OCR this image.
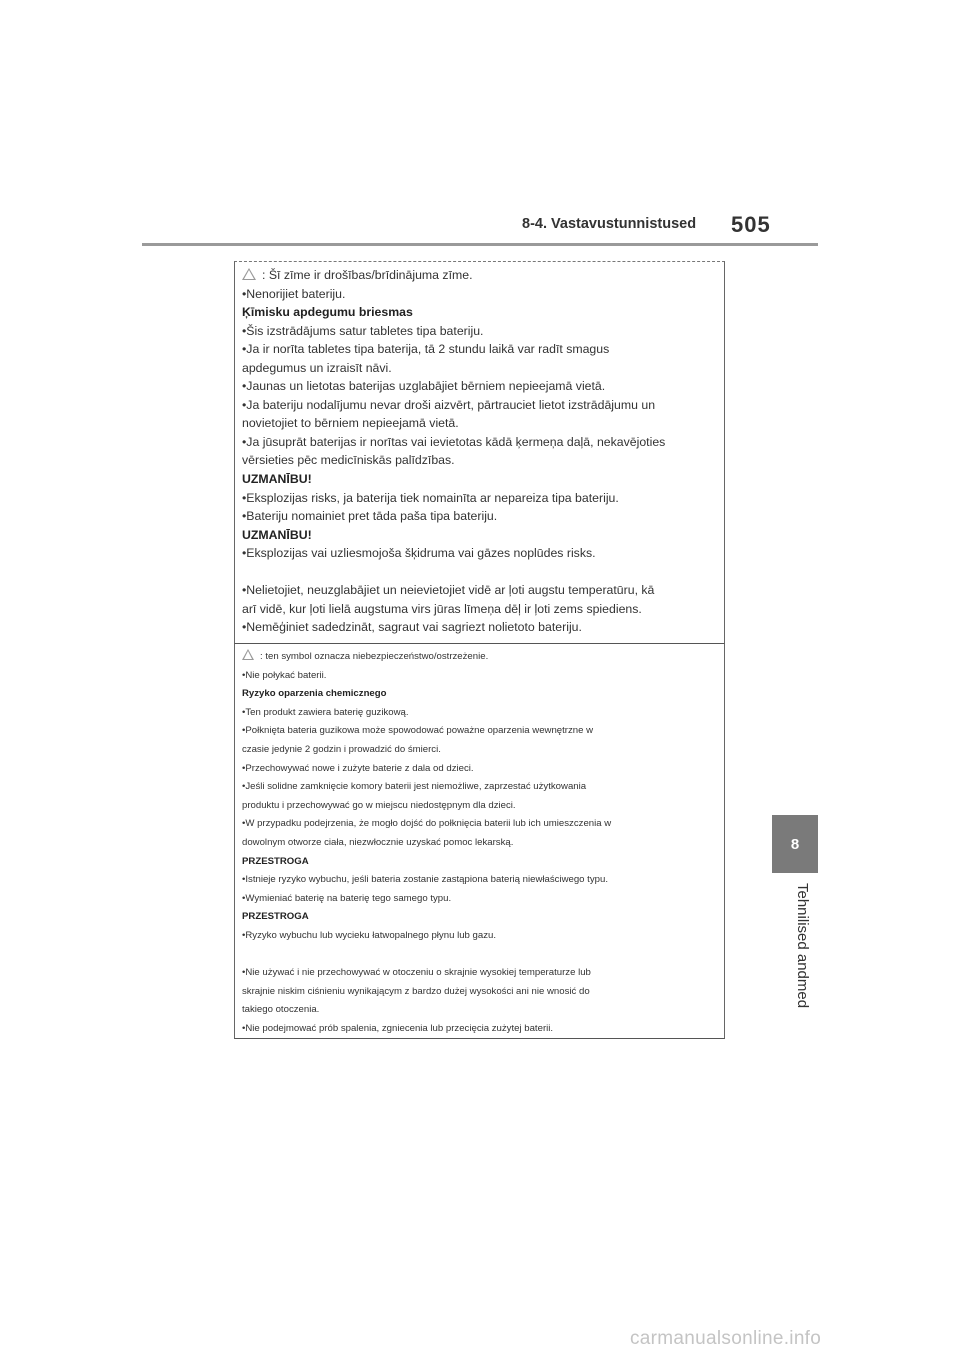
8-4. Vastavustunnistused 505
8
Tehnilised andmed
: Šī zīme ir drošības/brīdinājuma zīme.
•Nenorijiet bateriju.
Ķīmisku apdegumu briesmas
•Šis izstrādājums satur tabletes tipa bateriju.
•Ja ir norīta tabletes tipa baterija, tā 2 stundu laikā var radīt smagus
apdegumus un izraisīt nāvi.
•Jaunas un lietotas baterijas uzglabājiet bērniem nepieejamā vietā.
•Ja bateriju nodalījumu nevar droši aizvērt, pārtrauciet lietot izstrādājumu un
novietojiet to bērniem nepieejamā vietā.
•Ja jūsuprāt baterijas ir norītas vai ievietotas kādā ķermeņa daļā, nekavējoties
vērsieties pēc medicīniskās palīdzības.
UZMANĪBU!
•Eksplozijas risks, ja baterija tiek nomainīta ar nepareiza tipa bateriju.
•Bateriju nomainiet pret tāda paša tipa bateriju.
UZMANĪBU!
•Eksplozijas vai uzliesmojoša šķidruma vai gāzes noplūdes risks.
•Nelietojiet, neuzglabājiet un neievietojiet vidē ar ļoti augstu temperatūru, kā
arī vidē, kur ļoti lielā augstuma virs jūras līmeņa dēļ ir ļoti zems spiediens.
•Nemēģiniet sadedzināt, sagraut vai sagriezt nolietoto bateriju.
: ten symbol oznacza niebezpieczeństwo/ostrzeżenie.
•Nie połykać baterii.
Ryzyko oparzenia chemicznego
•Ten produkt zawiera baterię guzikową.
•Połknięta bateria guzikowa może spowodować poważne oparzenia wewnętrzne w
czasie jedynie 2 godzin i prowadzić do śmierci.
•Przechowywać nowe i zużyte baterie z dala od dzieci.
•Jeśli solidne zamknięcie komory baterii jest niemożliwe, zaprzestać użytkowania
produktu i przechowywać go w miejscu niedostępnym dla dzieci.
•W przypadku podejrzenia, że mogło dojść do połknięcia baterii lub ich umieszczenia w
dowolnym otworze ciała, niezwłocznie uzyskać pomoc lekarską.
PRZESTROGA
•Istnieje ryzyko wybuchu, jeśli bateria zostanie zastąpiona baterią niewłaściwego typu.
•Wymieniać baterię na baterię tego samego typu.
PRZESTROGA
•Ryzyko wybuchu lub wycieku łatwopalnego płynu lub gazu.
•Nie używać i nie przechowywać w otoczeniu o skrajnie wysokiej temperaturze lub
skrajnie niskim ciśnieniu wynikającym z bardzo dużej wysokości ani nie wnosić do
takiego otoczenia.
•Nie podejmować prób spalenia, zgniecenia lub przecięcia zużytej baterii.
carmanualsonline.info
